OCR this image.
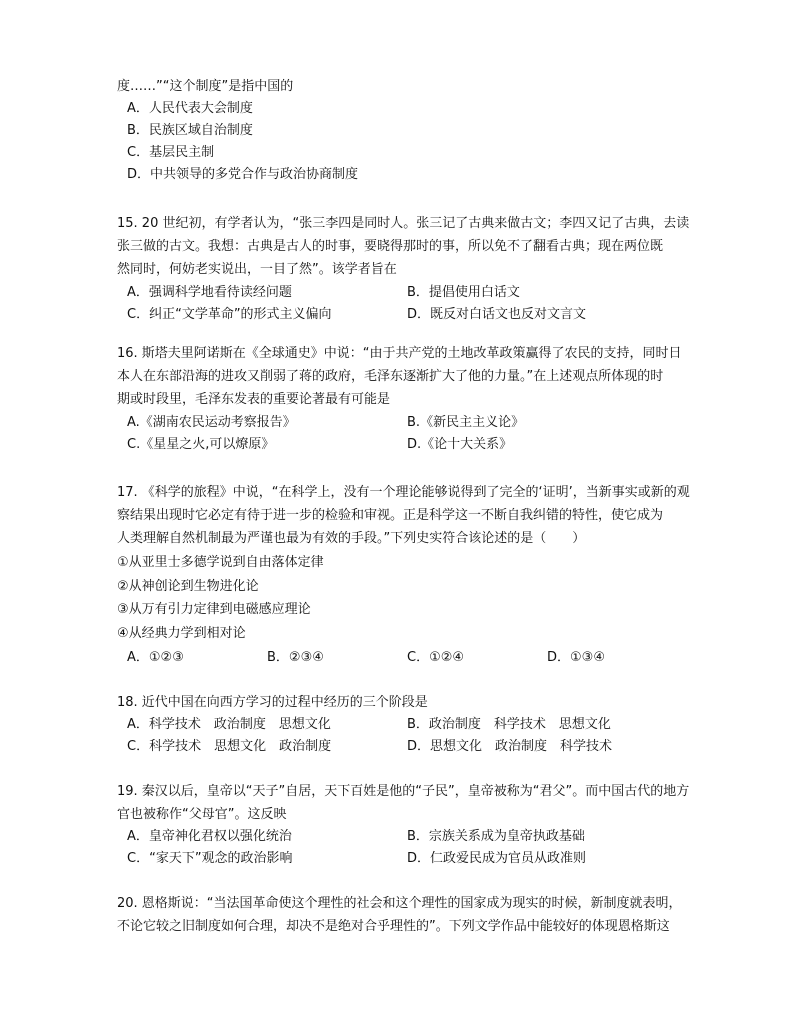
度……”“这个制度”是指中国的
A．人民代表大会制度
B．民族区域自治制度
C．基层民主制
D．中共领导的多党合作与政治协商制度
15. 20 世纪初，有学者认为，“张三李四是同时人。张三记了古典来做古文；李四又记了古典，去读
张三做的古文。我想：古典是古人的时事，要晓得那时的事，所以免不了翻看古典；现在两位既
然同时，何妨老实说出，一目了然”。该学者旨在
A．强调科学地看待读经问题	B．提倡使用白话文
C．纠正“文学革命”的形式主义偏向	D．既反对白话文也反对文言文
16. 斯塔夫里阿诺斯在《全球通史》中说：“由于共产党的土地改革政策赢得了农民的支持，同时日
本人在东部沿海的进攻又削弱了蒋的政府，毛泽东逐渐扩大了他的力量。”在上述观点所体现的时
期或时段里，毛泽东发表的重要论著最有可能是
A.《湖南农民运动考察报告》	B.《新民主主义论》
C.《星星之火,可以燎原》	D.《论十大关系》
17. 《科学的旅程》中说，“在科学上，没有一个理论能够说得到了完全的‘证明’，当新事实或新的观
察结果出现时它必定有待于进一步的检验和审视。正是科学这一不断自我纠错的特性，使它成为
人类理解自然机制最为严谨也最为有效的手段。”下列史实符合该论述的是（　　）
①从亚里士多德学说到自由落体定律
②从神创论到生物进化论
③从万有引力定律到电磁感应理论
④从经典力学到相对论
A．①②③	B．②③④	C．①②④	D．①③④
18. 近代中国在向西方学习的过程中经历的三个阶段是
A．科学技术　政治制度　思想文化	B．政治制度　科学技术　思想文化
C．科学技术　思想文化　政治制度	D．思想文化　政治制度　科学技术
19. 秦汉以后，皇帝以“天子”自居，天下百姓是他的“子民”，皇帝被称为“君父”。而中国古代的地方
官也被称作“父母官”。这反映
A．皇帝神化君权以强化统治	B．宗族关系成为皇帝执政基础
C．“家天下”观念的政治影响	D．仁政爱民成为官员从政准则
20. 恩格斯说：“当法国革命使这个理性的社会和这个理性的国家成为现实的时候，新制度就表明，
不论它较之旧制度如何合理，却决不是绝对合乎理性的”。下列文学作品中能较好的体现恩格斯这
